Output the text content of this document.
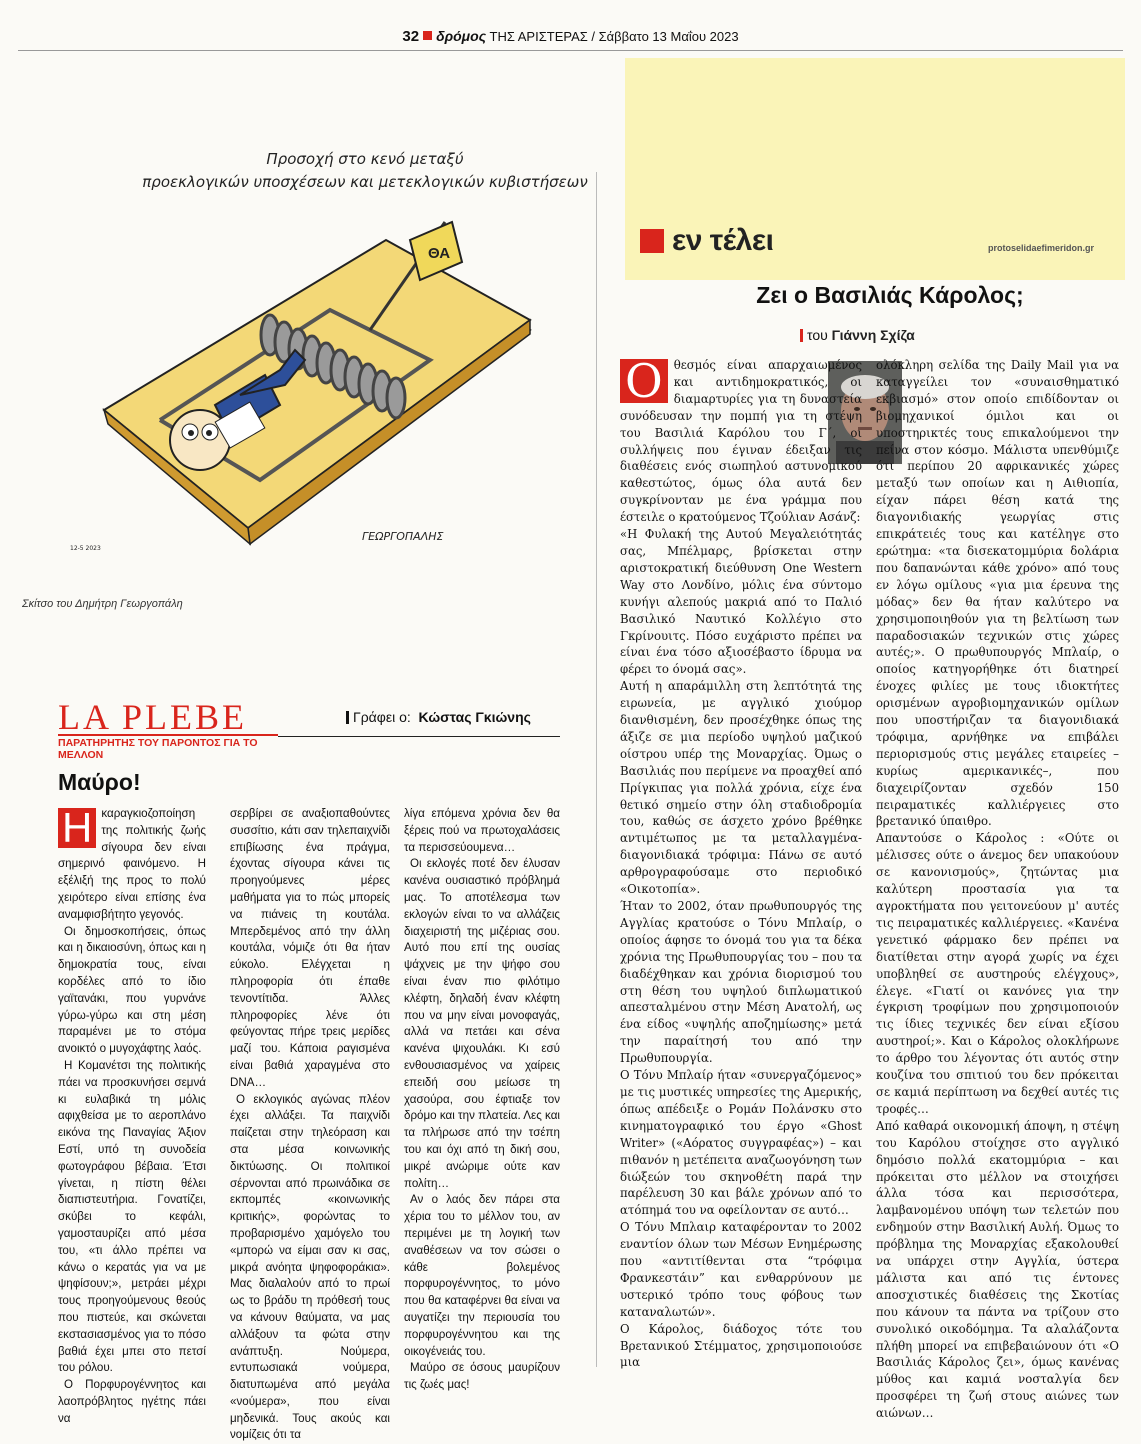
32 δρόμος ΤΗΣ ΑΡΙΣΤΕΡΑΣ / Σάββατο 13 Μαΐου 2023
Προσοχή στο κενό μεταξύ
προεκλογικών υποσχέσεων και μετεκλογικών κυβιστήσεων
ΘΑ
ΓΕΩΡΓΟΠΑΛΗΣ
12-5 2023
Σκίτσο του Δημήτρη Γεωργοπάλη
LA PLEBE
ΠΑΡΑΤΗΡΗΤΗΣ ΤΟΥ ΠΑΡΟΝΤΟΣ ΓΙΑ ΤΟ ΜΕΛΛΟΝ
Γράφει ο: Κώστας Γκιώνης
Μαύρο!

Η καραγκιοζοποίηση της πολιτικής ζωής σίγουρα δεν είναι σημερινό φαινόμενο. Η εξέλιξή της προς το πολύ χειρότερο είναι επίσης ένα αναμφισβήτητο γεγονός.

Οι δημοσκοπήσεις, όπως και η δικαιοσύνη, όπως και η δημοκρατία τους, είναι κορδέλες από το ίδιο γαϊτανάκι, που γυρνάνε γύρω-γύρω και στη μέση παραμένει με το στόμα ανοικτό ο μυγοχάφτης λαός.

Η Κομανέτσι της πολιτικής πάει να προσκυνήσει σεμνά κι ευλαβικά τη μόλις αφιχθείσα με το αεροπλάνο εικόνα της Παναγίας Άξιον Εστί, υπό τη συνοδεία φωτογράφου βέβαια. Έτσι γίνεται, η πίστη θέλει διαπιστευτήρια. Γονατίζει, σκύβει το κεφάλι, γαμοσταυρίζει από μέσα του, «τι άλλο πρέπει να κάνω ο κερατάς για να με ψηφίσουν;», μετράει μέχρι τους προηγούμενους θεούς που πιστεύε, και σκώνεται εκστασιασμένος για το πόσο βαθιά έχει μπει στο πετσί του ρόλου.

Ο Πορφυρογέννητος και λαοπρόβλητος ηγέτης πάει να

σερβίρει σε αναξιοπαθούντες συσσίτιο, κάτι σαν τηλεπαιχνίδι επιβίωσης ένα πράγμα, έχοντας σίγουρα κάνει τις προηγούμενες μέρες μαθήματα για το πώς μπορείς να πιάνεις τη κουτάλα. Μπερδεμένος από την άλλη κουτάλα, νόμιζε ότι θα ήταν εύκολο. Ελέγχεται η πληροφορία ότι έπαθε τενοντίτιδα. Άλλες πληροφορίες λένε ότι φεύγοντας πήρε τρεις μερίδες μαζί του. Κάποια ραγισμένα είναι βαθιά χαραγμένα στο DNA…

Ο εκλογικός αγώνας πλέον έχει αλλάξει. Τα παιχνίδι παίζεται στην τηλεόραση και στα μέσα κοινωνικής δικτύωσης. Οι πολιτικοί σέρνονται από πρωινάδικα σε εκπομπές «κοινωνικής κριτικής», φορώντας το προβαρισμένο χαμόγελο του «μπορώ να είμαι σαν κι σας, μικρά ανόητα ψηφοφοράκια». Μας διαλαλούν από το πρωί ως το βράδυ τη πρόθεσή τους να κάνουν θαύματα, να μας αλλάξουν τα φώτα στην ανάπτυξη. Νούμερα, εντυπωσιακά νούμερα, διατυπωμένα από μεγάλα «νούμερα», που είναι μηδενικά. Τους ακούς και νομίζεις ότι τα

λίγα επόμενα χρόνια δεν θα ξέρεις πού να πρωτοχαλάσεις τα περισσεύουμενα…

Οι εκλογές ποτέ δεν έλυσαν κανένα ουσιαστικό πρόβλημά μας. Το αποτέλεσμα των εκλογών είναι το να αλλάζεις διαχειριστή της μιζέριας σου. Αυτό που επί της ουσίας ψάχνεις με την ψήφο σου είναι έναν πιο φιλότιμο κλέφτη, δηλαδή έναν κλέφτη που να μην είναι μονοφαγάς, αλλά να πετάει και σένα κανένα ψιχουλάκι. Κι εσύ ενθουσιασμένος να χαίρεις επειδή σου μείωσε τη χασούρα, σου έφτιαξε τον δρόμο και την πλατεία. Λες και τα πλήρωσε από την τσέπη του και όχι από τη δική σου, μικρέ ανώριμε ούτε καν πολίτη…

Αν ο λαός δεν πάρει στα χέρια του το μέλλον του, αν περιμένει με τη λογική των αναθέσεων να τον σώσει ο κάθε βολεμένος πορφυρογέννητος, το μόνο που θα καταφέρνει θα είναι να αυγατίζει την περιουσία του πορφυρογέννητου και της οικογένειάς του.

Μαύρο σε όσους μαυρίζουν τις ζωές μας!

εν τέλει	protoselidaefimeridon.gr
Ζει ο Βασιλιάς Κάρολος;
του Γιάννη Σχίζα

Ο θεσμός είναι απαρχαιωμένος και αντιδημοκρατικός, οι διαμαρτυρίες για τη δυναστεία συνόδευσαν την πομπή για τη στέψη του Βασιλιά Καρόλου του Γ΄, οι συλλήψεις που έγιναν έδειξαν τις διαθέσεις ενός σιωπηλού αστυνομικού καθεστώτος, όμως όλα αυτά δεν συγκρίνονταν με ένα γράμμα που έστειλε ο κρατούμενος Τζούλιαν Ασάνζ:

«Η Φυλακή της Αυτού Μεγαλειότητάς σας, Μπέλμαρς, βρίσκεται στην αριστοκρατική διεύθυνση One Western Way στο Λονδίνο, μόλις ένα σύντομο κυνήγι αλεπούς μακριά από το Παλιό Βασιλικό Ναυτικό Κολλέγιο στο Γκρίνουιτς. Πόσο ευχάριστο πρέπει να είναι ένα τόσο αξιοσέβαστο ίδρυμα να φέρει το όνομά σας».

Αυτή η απαράμιλλη στη λεπτότητά της ειρωνεία, με αγγλικό χιούμορ διανθισμένη, δεν προσέχθηκε όπως της άξιζε σε μια περίοδο υψηλού μαζικού οίστρου υπέρ της Μοναρχίας. Όμως ο Βασιλιάς που περίμενε να προαχθεί από Πρίγκιπας για πολλά χρόνια, είχε ένα θετικό σημείο στην όλη σταδιοδρομία του, καθώς σε άσχετο χρόνο βρέθηκε αντιμέτωπος με τα μεταλλαγμένα-διαγονιδιακά τρόφιμα: Πάνω σε αυτό αρθρογραφούσαμε στο περιοδικό «Οικοτοπία».

Ήταν το 2002, όταν πρωθυπουργός της Αγγλίας κρατούσε ο Τόνυ Μπλαίρ, ο οποίος άφησε το όνομά του για τα δέκα χρόνια της Πρωθυπουργίας του – που τα διαδέχθηκαν και χρόνια διορισμού του στη θέση του υψηλού διπλωματικού απεσταλμένου στην Μέση Ανατολή, ως ένα είδος «υψηλής αποζημίωσης» μετά την παραίτησή του από την Πρωθυπουργία.

Ο Τόνυ Μπλαίρ ήταν «συνεργαζόμενος» με τις μυστικές υπηρεσίες της Αμερικής, όπως απέδειξε ο Ρομάν Πολάνσκυ στο κινηματογραφικό του έργο «Ghost Writer» («Αόρατος συγγραφέας») – και πιθανόν η μετέπειτα αναζωογόνηση των διώξεών του σκηνοθέτη παρά την παρέλευση 30 και βάλε χρόνων από το ατόπημά του να οφείλονταν σε αυτό…

Ο Τόνυ Μπλαιρ καταφέρονταν το 2002 εναντίον όλων των Μέσων Ενημέρωσης που «αντιτίθενται στα “τρόφιμα Φρανκεστάιν” και ενθαρρύνουν με υστερικό τρόπο τους φόβους των καταναλωτών».

Ο Κάρολος, διάδοχος τότε του Βρετανικού Στέμματος, χρησιμοποιούσε μια

ολόκληρη σελίδα της Daily Mail για να καταγγείλει τον «συναισθηματικό εκβιασμό» στον οποίο επιδίδονταν οι βιομηχανικοί όμιλοι και οι υποστηρικτές τους επικαλούμενοι την πείνα στον κόσμο. Μάλιστα υπενθύμιζε ότι περίπου 20 αφρικανικές χώρες μεταξύ των οποίων και η Αιθιοπία, είχαν πάρει θέση κατά της διαγονιδιακής γεωργίας στις επικράτειές τους και κατέληγε στο ερώτημα: «τα δισεκατομμύρια δολάρια που δαπανώνται κάθε χρόνο» από τους εν λόγω ομίλους «για μια έρευνα της μόδας» δεν θα ήταν καλύτερο να χρησιμοποιηθούν για τη βελτίωση των παραδοσιακών τεχνικών στις χώρες αυτές;». Ο πρωθυπουργός Μπλαίρ, ο οποίος κατηγορήθηκε ότι διατηρεί ένοχες φιλίες με τους ιδιοκτήτες ορισμένων αγροβιομηχανικών ομίλων που υποστήριζαν τα διαγονιδιακά τρόφιμα, αρνήθηκε να επιβάλει περιορισμούς στις μεγάλες εταιρείες –κυρίως αμερικανικές–, που διαχειρίζονταν σχεδόν 150 πειραματικές καλλιέργειες στο βρετανικό ύπαιθρο.

Απαντούσε ο Κάρολος : «Ούτε οι μέλισσες ούτε ο άνεμος δεν υπακούουν σε κανονισμούς», ζητώντας μια καλύτερη προστασία για τα αγροκτήματα που γειτονεύουν μ' αυτές τις πειραματικές καλλιέργειες. «Κανένα γενετικό φάρμακο δεν πρέπει να διατίθεται στην αγορά χωρίς να έχει υποβληθεί σε αυστηρούς ελέγχους», έλεγε. «Γιατί οι κανόνες για την έγκριση τροφίμων που χρησιμοποιούν τις ίδιες τεχνικές δεν είναι εξίσου αυστηροί;». Και ο Κάρολος ολοκλήρωνε το άρθρο του λέγοντας ότι αυτός στην κουζίνα του σπιτιού του δεν πρόκειται σε καμιά περίπτωση να δεχθεί αυτές τις τροφές…

Από καθαρά οικονομική άποψη, η στέψη του Καρόλου στοίχησε στο αγγλικό δημόσιο πολλά εκατομμύρια – και πρόκειται στο μέλλον να στοιχήσει άλλα τόσα και περισσότερα, λαμβανομένου υπόψη των τελετών που ενδημούν στην Βασιλική Αυλή. Όμως το πρόβλημα της Μοναρχίας εξακολουθεί να υπάρχει στην Αγγλία, ύστερα μάλιστα και από τις έντονες αποσχιστικές διαθέσεις της Σκοτίας που κάνουν τα πάντα να τρίζουν στο συνολικό οικοδόμημα. Τα αλαλάζοντα πλήθη μπορεί να επιβεβαιώνουν ότι «Ο Βασιλιάς Κάρολος ζει», όμως κανένας μύθος και καμιά νοσταλγία δεν προσφέρει τη ζωή στους αιώνες των αιώνων…
